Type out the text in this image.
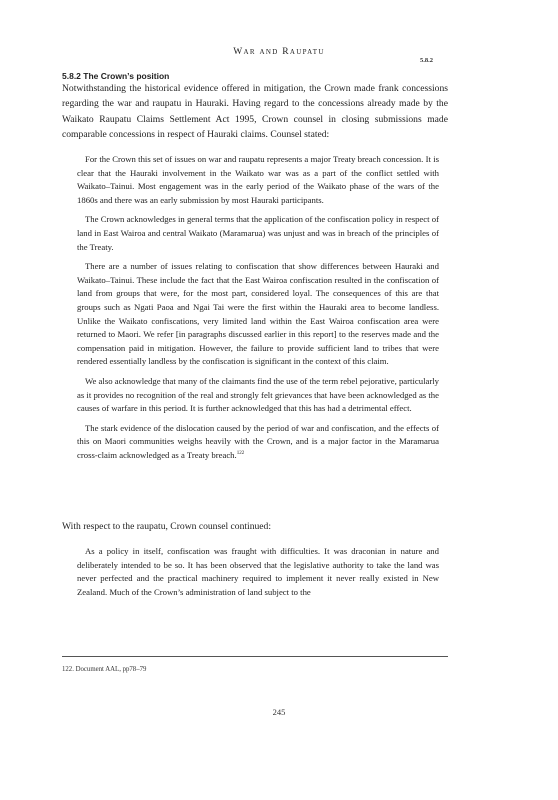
War and Raupatu
5.8.2
5.8.2 The Crown’s position

Notwithstanding the historical evidence offered in mitigation, the Crown made frank concessions regarding the war and raupatu in Hauraki. Having regard to the concessions already made by the Waikato Raupatu Claims Settlement Act 1995, Crown counsel in closing submissions made comparable concessions in respect of Hauraki claims. Counsel stated:

For the Crown this set of issues on war and raupatu represents a major Treaty breach concession. It is clear that the Hauraki involvement in the Waikato war was as a part of the conflict settled with Waikato–Tainui. Most engagement was in the early period of the Waikato phase of the wars of the 1860s and there was an early submission by most Hauraki participants.

The Crown acknowledges in general terms that the application of the confiscation policy in respect of land in East Wairoa and central Waikato (Maramarua) was unjust and was in breach of the principles of the Treaty.

There are a number of issues relating to confiscation that show differences between Hauraki and Waikato–Tainui. These include the fact that the East Wairoa confiscation resulted in the confiscation of land from groups that were, for the most part, considered loyal. The consequences of this are that groups such as Ngati Paoa and Ngai Tai were the first within the Hauraki area to become landless. Unlike the Waikato confiscations, very limited land within the East Wairoa confiscation area were returned to Maori. We refer [in paragraphs discussed earlier in this report] to the reserves made and the compensation paid in mitigation. However, the failure to provide sufficient land to tribes that were rendered essentially landless by the confiscation is significant in the context of this claim.

We also acknowledge that many of the claimants find the use of the term rebel pejorative, particularly as it provides no recognition of the real and strongly felt grievances that have been acknowledged as the causes of warfare in this period. It is further acknowledged that this has had a detrimental effect.

The stark evidence of the dislocation caused by the period of war and confiscation, and the effects of this on Maori communities weighs heavily with the Crown, and is a major factor in the Maramarua cross-claim acknowledged as a Treaty breach.$^{122}$

With respect to the raupatu, Crown counsel continued:

As a policy in itself, confiscation was fraught with difficulties. It was draconian in nature and deliberately intended to be so. It has been observed that the legislative authority to take the land was never perfected and the practical machinery required to implement it never really existed in New Zealand. Much of the Crown’s administration of land subject to the

122. Document AAL, pp78–79
245
